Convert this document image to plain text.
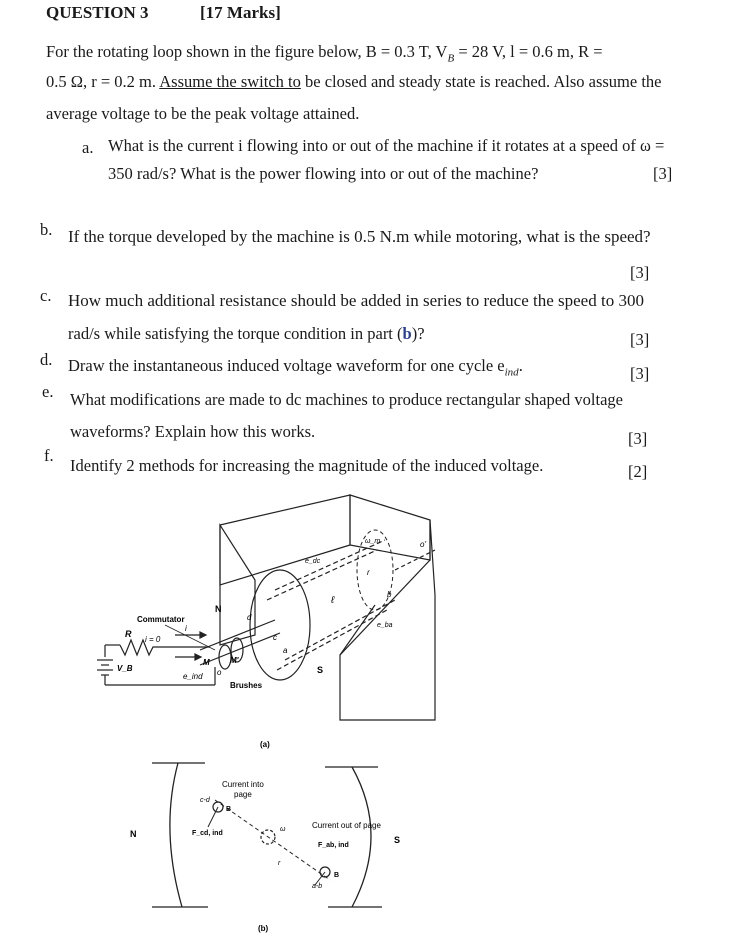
QUESTION 3	[17 Marks]
For the rotating loop shown in the figure below, B = 0.3 T, $V_B = 28$ V, l = 0.6 m, R =
0.5 Ω, r = 0.2 m. Assume the switch to be closed and steady state is reached. Also assume the
average voltage to be the peak voltage attained.
a. What is the current i flowing into or out of the machine if it rotates at a speed of ω =
350 rad/s? What is the power flowing into or out of the machine?	[3]
b. If the torque developed by the machine is 0.5 N.m while motoring, what is the speed?
[3]
c. How much additional resistance should be added in series to reduce the speed to 300
rad/s while satisfying the torque condition in part (b)?	[3]
d. Draw the instantaneous induced voltage waveform for one cycle $e_{ind}$.	[3]
e. What modifications are made to dc machines to produce rectangular shaped voltage
waveforms? Explain how this works.	[3]
f.
Identify 2 methods for increasing the magnitude of the induced voltage.	[2]
Commutator
i = 0
R
V_B
e_ind
N
S
M	M'
o
o'
Brushes
d
c
a
b
r
e_dc
e_ba
ω_m
ℓ
i
(a)
N
S
Current into
page
Current out of page
c-d
a-b
B
B
F_cd, ind
F_ab, ind
ω
r
(b)
